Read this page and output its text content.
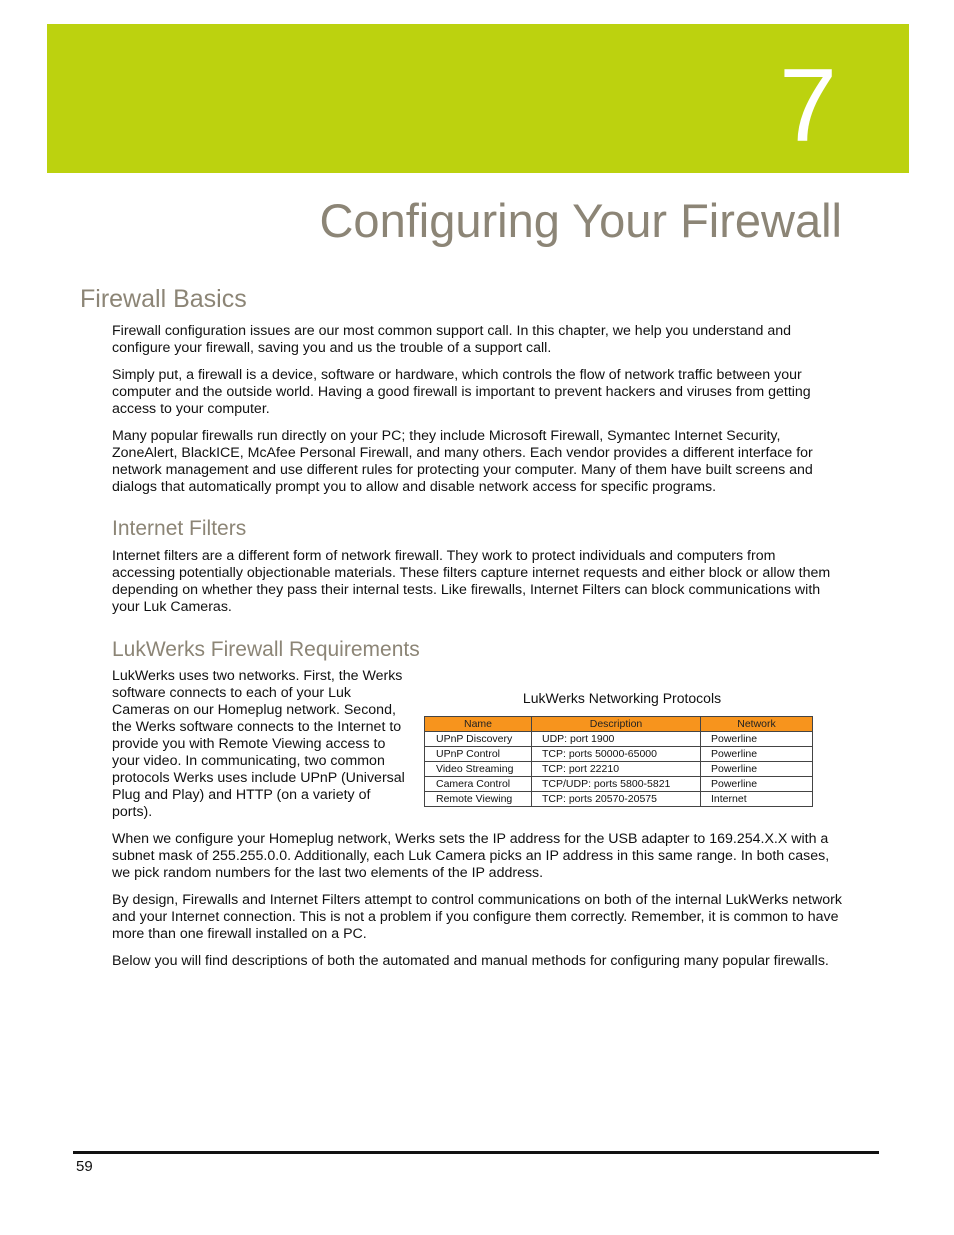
7
Configuring Your Firewall
Firewall Basics

Firewall configuration issues are our most common support call. In this chapter, we help you understand and configure your firewall, saving you and us the trouble of a support call.

Simply put, a firewall is a device, software or hardware, which controls the flow of network traffic between your computer and the outside world. Having a good firewall is important to prevent hackers and viruses from getting access to your computer.

Many popular firewalls run directly on your PC; they include Microsoft Firewall, Symantec Internet Security, ZoneAlert, BlackICE, McAfee Personal Firewall, and many others. Each vendor provides a different interface for network management and use different rules for protecting your computer. Many of them have built screens and dialogs that automatically prompt you to allow and disable network access for specific programs.

Internet Filters

Internet filters are a different form of network firewall. They work to protect individuals and computers from accessing potentially objectionable materials. These filters capture internet requests and either block or allow them depending on whether they pass their internal tests. Like firewalls, Internet Filters can block communications with your Luk Cameras.

LukWerks Firewall Requirements

LukWerks uses two networks. First, the Werks software connects to each of your Luk Cameras on our Homeplug network. Second, the Werks software connects to the Internet to provide you with Remote Viewing access to your video. In communicating, two common protocols Werks uses include UPnP (Universal Plug and Play) and HTTP (on a variety of ports).

LukWerks Networking Protocols
Name	Description	Network
UPnP Discovery	UDP: port 1900	Powerline
UPnP Control	TCP: ports 50000-65000	Powerline
Video Streaming	TCP: port 22210	Powerline
Camera Control	TCP/UDP: ports 5800-5821	Powerline
Remote Viewing	TCP: ports 20570-20575	Internet

When we configure your Homeplug network, Werks sets the IP address for the USB adapter to 169.254.X.X with a subnet mask of 255.255.0.0. Additionally, each Luk Camera picks an IP address in this same range. In both cases, we pick random numbers for the last two elements of the IP address.

By design, Firewalls and Internet Filters attempt to control communications on both of the internal LukWerks network and your Internet connection. This is not a problem if you configure them correctly. Remember, it is common to have more than one firewall installed on a PC.

Below you will find descriptions of both the automated and manual methods for configuring many popular firewalls.

59
